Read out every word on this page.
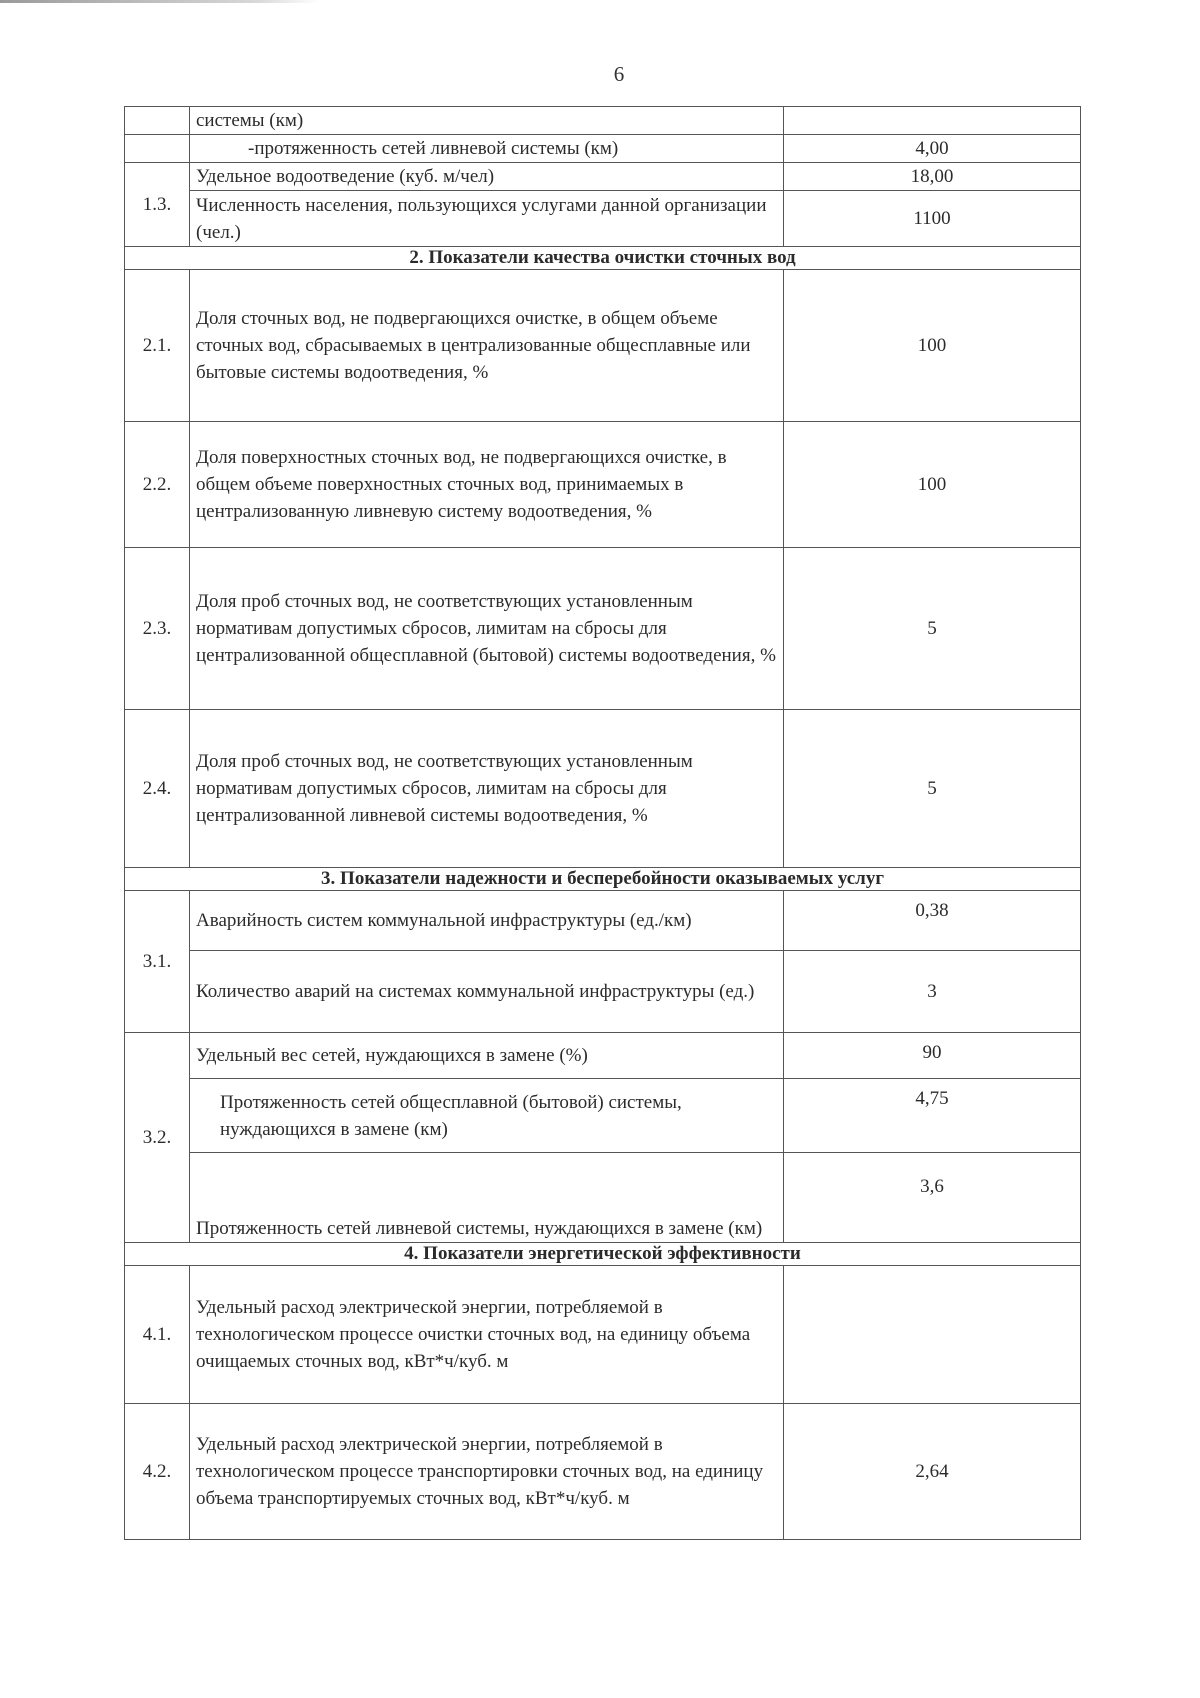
6
	системы (км)	
	-протяженность сетей ливневой системы (км)	4,00
1.3.	Удельное водоотведение (куб. м/чел)	18,00
	Численность населения, пользующихся услугами данной организации (чел.)	1100
2. Показатели качества очистки сточных вод		
2.1.	Доля сточных вод, не подвергающихся очистке, в общем объеме сточных вод, сбрасываемых в централизованные общесплавные или бытовые системы водоотведения, %	100
2.2.	Доля поверхностных сточных вод, не подвергающихся очистке, в общем объеме поверхностных сточных вод, принимаемых в централизованную ливневую систему водоотведения, %	100
2.3.	Доля проб сточных вод, не соответствующих установленным нормативам допустимых сбросов, лимитам на сбросы для централизованной общесплавной (бытовой) системы водоотведения, %	5
2.4.	Доля проб сточных вод, не соответствующих установленным нормативам допустимых сбросов, лимитам на сбросы для централизованной ливневой системы водоотведения, %	5
3. Показатели надежности и бесперебойности оказываемых услуг		
3.1.	Аварийность систем коммунальной инфраструктуры (ед./км)	0,38
	Количество аварий на системах коммунальной инфраструктуры (ед.)	3
3.2.	Удельный вес сетей, нуждающихся в замене (%)	90
	Протяженность сетей общесплавной (бытовой) системы, нуждающихся в замене (км)	4,75
	Протяженность сетей ливневой системы, нуждающихся в замене (км)	3,6
4. Показатели энергетической эффективности		
4.1.	Удельный расход электрической энергии, потребляемой в технологическом процессе очистки сточных вод, на единицу объема очищаемых сточных вод, кВт*ч/куб. м	
4.2.	Удельный расход электрической энергии, потребляемой в технологическом процессе транспортировки сточных вод, на единицу объема транспортируемых сточных вод, кВт*ч/куб. м	2,64
